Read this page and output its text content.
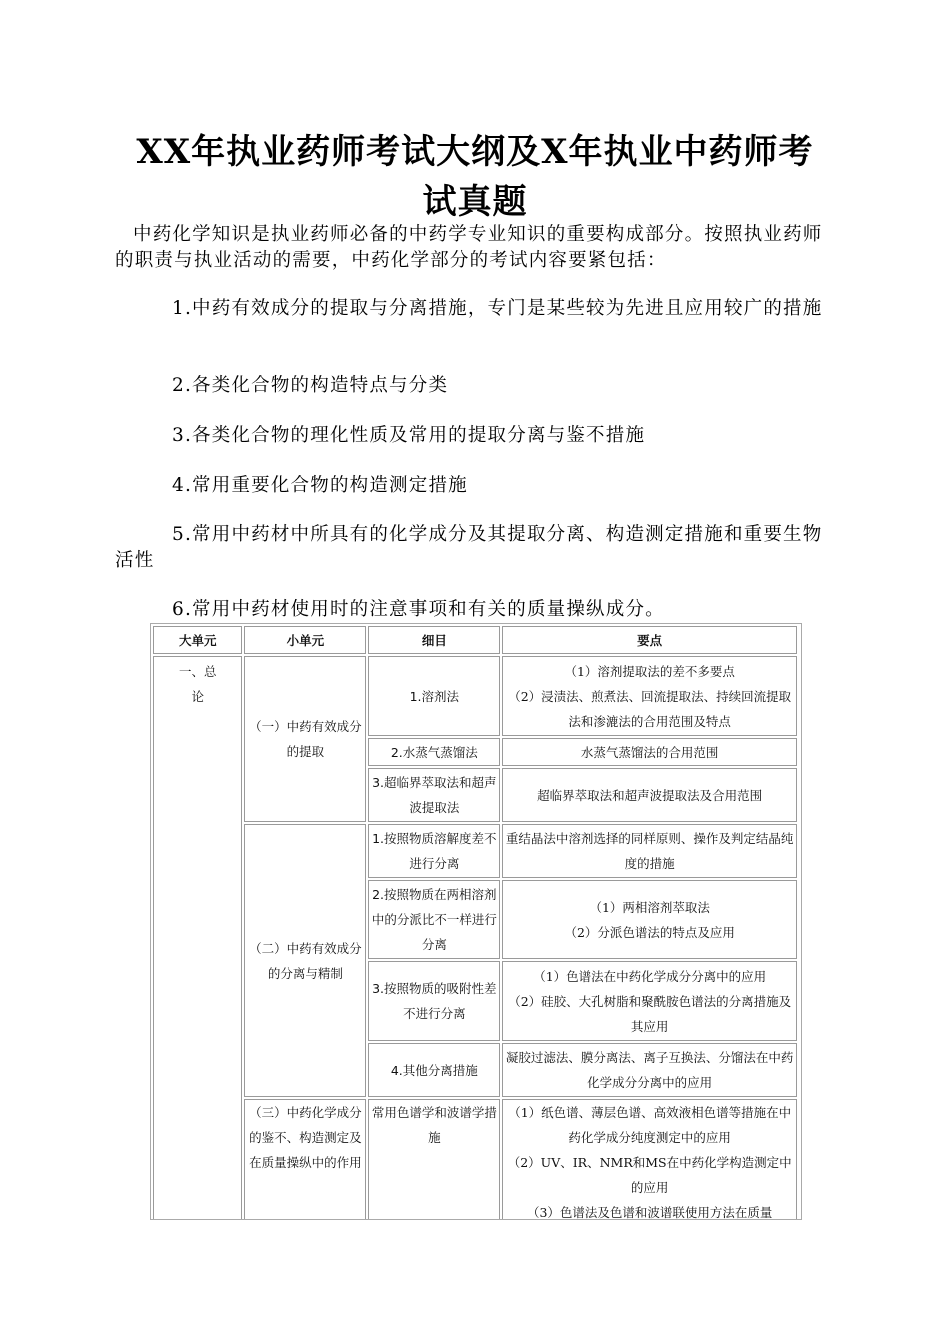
XX年执业药师考试大纲及X年执业中药师考
试真题

中药化学知识是执业药师必备的中药学专业知识的重要构成部分。按照执业药师的职责与执业活动的需要，中药化学部分的考试内容要紧包括：

1.中药有效成分的提取与分离措施，专门是某些较为先进且应用较广的措施

2.各类化合物的构造特点与分类

3.各类化合物的理化性质及常用的提取分离与鉴不措施

4.常用重要化合物的构造测定措施

5.常用中药材中所具有的化学成分及其提取分离、构造测定措施和重要生物活性

6.常用中药材使用时的注意事项和有关的质量操纵成分。

大单元	小单元	细目	要点
一、总论	（一）中药有效成分的提取	1.溶剂法	（1）溶剂提取法的差不多要点
（2）浸渍法、煎煮法、回流提取法、持续回流提取法和渗漉法的合用范围及特点

		2.水蒸气蒸馏法	水蒸气蒸馏法的合用范围

		3.超临界萃取法和超声波提取法	超临界萃取法和超声波提取法及合用范围

	（二）中药有效成分的分离与精制	1.按照物质溶解度差不进行分离	重结晶法中溶剂选择的同样原则、操作及判定结晶纯度的措施

		2.按照物质在两相溶剂中的分派比不一样进行分离	（1）两相溶剂萃取法
（2）分派色谱法的特点及应用

		3.按照物质的吸附性差不进行分离	（1）色谱法在中药化学成分分离中的应用
（2）硅胶、大孔树脂和聚酰胺色谱法的分离措施及其应用

		4.其他分离措施	凝胶过滤法、膜分离法、离子互换法、分馏法在中药化学成分分离中的应用

	（三）中药化学成分的鉴不、构造测定及在质量操纵中的作用	常用色谱学和波谱学措施	（1）纸色谱、薄层色谱、高效液相色谱等措施在中药化学成分纯度测定中的应用
（2）UV、IR、NMR和MS在中药化学构造测定中的应用
（3）色谱法及色谱和波谱联使用方法在质量
